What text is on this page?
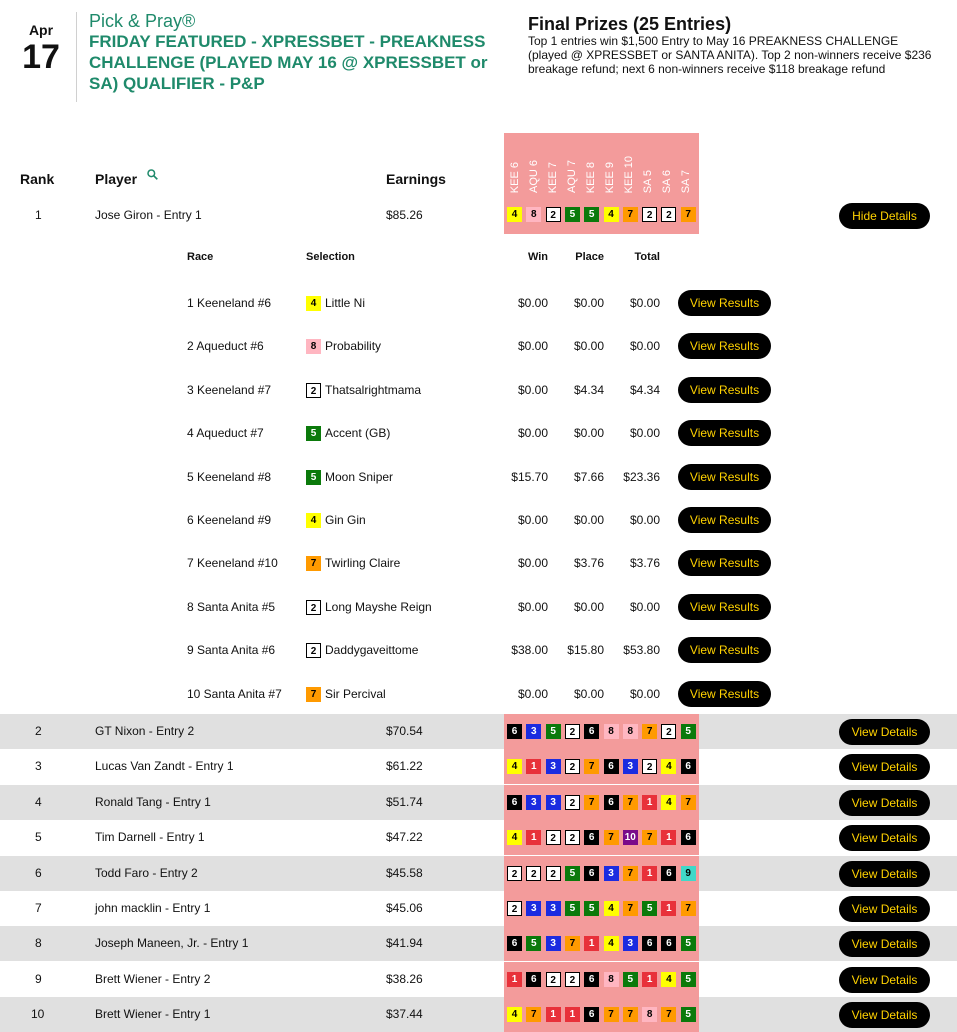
Apr
17
Pick & Pray®
FRIDAY FEATURED - XPRESSBET - PREAKNESS CHALLENGE (PLAYED MAY 16 @ XPRESSBET or SA) QUALIFIER - P&P
Final Prizes (25 Entries)
Top 1 entries win $1,500 Entry to May 16 PREAKNESS CHALLENGE (played @ XPRESSBET or SANTA ANITA). Top 2 non-winners receive $236 breakage refund; next 6 non-winners receive $118 breakage refund
KEE 6 AQU 6 KEE 7 AQU 7 KEE 8 KEE 9 KEE 10 SA 5 SA 6 SA 7
Rank	Player	Earnings
1	Jose Giron - Entry 1	$85.26	4	8	2	5	5	4	7	2	2	7	Hide Details
Race	Selection	Win	Place	Total
1 Keeneland #6	4 Little Ni	$0.00	$0.00	$0.00	View Results
2 Aqueduct #6	8 Probability	$0.00	$0.00	$0.00	View Results
3 Keeneland #7	2 Thatsalrightmama	$0.00	$4.34	$4.34	View Results
4 Aqueduct #7	5 Accent (GB)	$0.00	$0.00	$0.00	View Results
5 Keeneland #8	5 Moon Sniper	$15.70	$7.66	$23.36	View Results
6 Keeneland #9	4 Gin Gin	$0.00	$0.00	$0.00	View Results
7 Keeneland #10	7 Twirling Claire	$0.00	$3.76	$3.76	View Results
8 Santa Anita #5	2 Long Mayshe Reign	$0.00	$0.00	$0.00	View Results
9 Santa Anita #6	2 Daddygaveittome	$38.00	$15.80	$53.80	View Results
10 Santa Anita #7	7 Sir Percival	$0.00	$0.00	$0.00	View Results
2	GT Nixon - Entry 2	$70.54	6	3	5	2	6	8	8	7	2	5	View Details
3	Lucas Van Zandt - Entry 1	$61.22	4	1	3	2	7	6	3	2	4	6	View Details
4	Ronald Tang - Entry 1	$51.74	6	3	3	2	7	6	7	1	4	7	View Details
5	Tim Darnell - Entry 1	$47.22	4	1	2	2	6	7	10	7	1	6	View Details
6	Todd Faro - Entry 2	$45.58	2	2	2	5	6	3	7	1	6	9	View Details
7	john macklin - Entry 1	$45.06	2	3	3	5	5	4	7	5	1	7	View Details
8	Joseph Maneen, Jr. - Entry 1	$41.94	6	5	3	7	1	4	3	6	6	5	View Details
9	Brett Wiener - Entry 2	$38.26	1	6	2	2	6	8	5	1	4	5	View Details
10	Brett Wiener - Entry 1	$37.44	4	7	1	1	6	7	7	8	7	5	View Details
